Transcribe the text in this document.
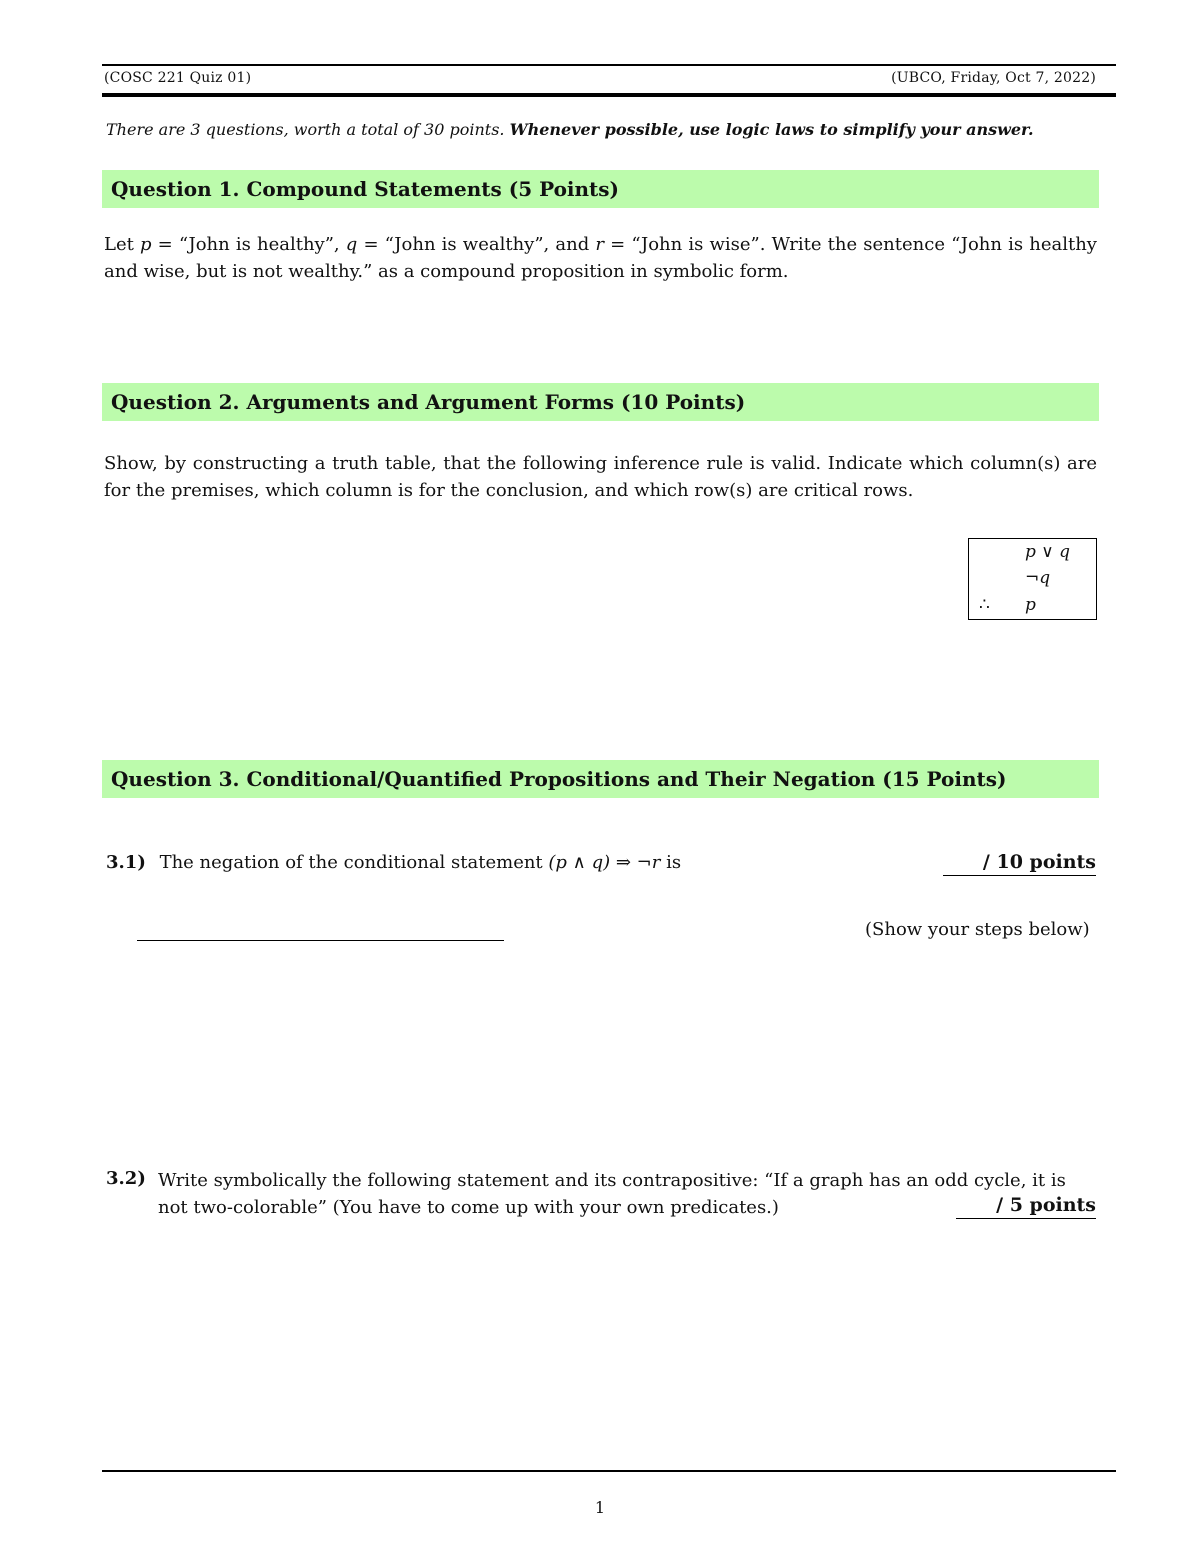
(COSC 221 Quiz 01)	(UBCO, Friday, Oct 7, 2022)
There are 3 questions, worth a total of 30 points. Whenever possible, use logic laws to simplify your answer.
Question 1. Compound Statements (5 Points)
Let p = “John is healthy”, q = “John is wealthy”, and r = “John is wise”. Write the sentence “John is healthy and wise, but is not wealthy.” as a compound proposition in symbolic form.
Question 2. Arguments and Argument Forms (10 Points)
Show, by constructing a truth table, that the following inference rule is valid. Indicate which column(s) are for the premises, which column is for the conclusion, and which row(s) are critical rows.
p ∨ q
¬q
∴ p
Question 3. Conditional/Quantified Propositions and Their Negation (15 Points)
3.1) The negation of the conditional statement (p ∧ q) ⇒ ¬r is	/ 10 points
(Show your steps below)
3.2) Write symbolically the following statement and its contrapositive: “If a graph has an odd cycle, it is
not two-colorable” (You have to come up with your own predicates.)	/ 5 points
1
